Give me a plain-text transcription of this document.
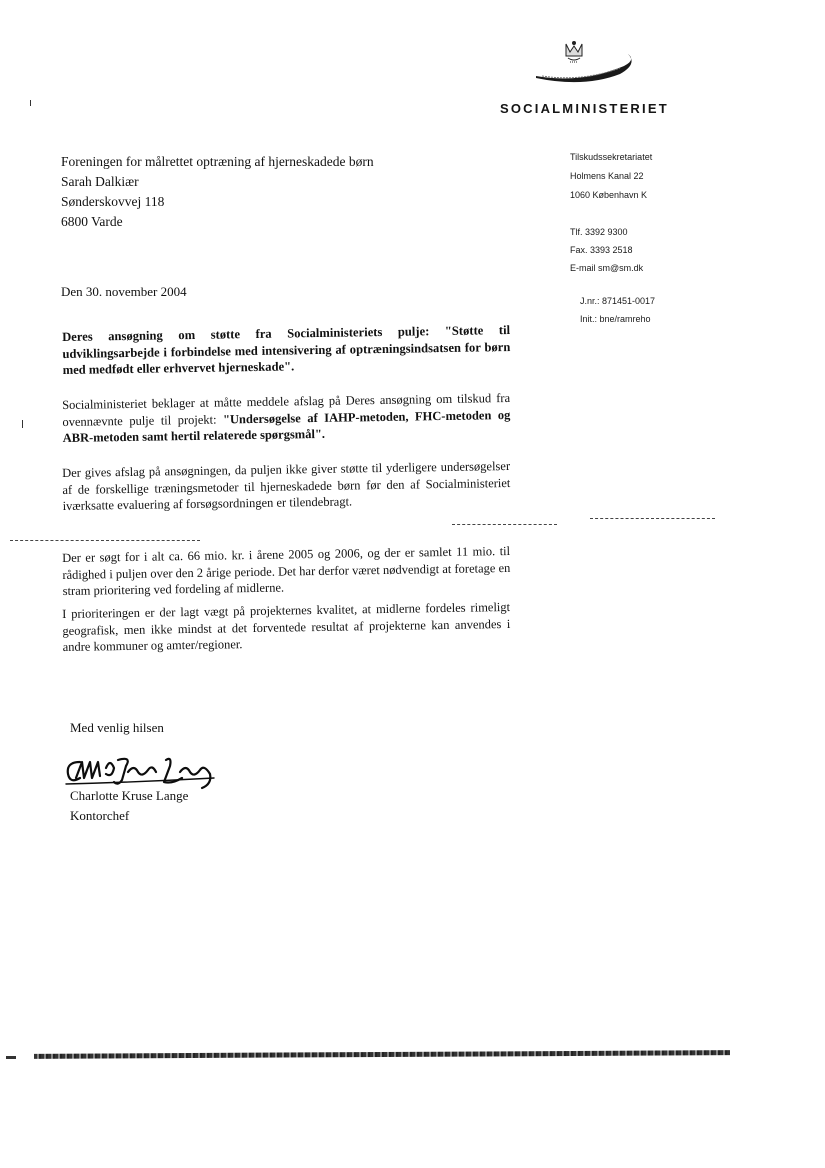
SOCIALMINISTERIET
Foreningen for målrettet optræning af hjerneskadede børn
Sarah Dalkiær
Sønderskovvej 118
6800 Varde
Tilskudssekretariatet
Holmens Kanal 22
1060 København K
Tlf. 3392 9300
Fax. 3393 2518
E-mail sm@sm.dk
J.nr.: 871451-0017
Init.: bne/ramreho
Den 30. november 2004
Deres ansøgning om støtte fra Socialministeriets pulje: "Støtte til udviklingsarbejde i forbindelse med intensivering af optræningsindsatsen for børn med medfødt eller erhvervet hjerneskade".
Socialministeriet beklager at måtte meddele afslag på Deres ansøgning om tilskud fra ovennævnte pulje til projekt: "Undersøgelse af IAHP-metoden, FHC-metoden og ABR-metoden samt hertil relaterede spørgsmål".
Der gives afslag på ansøgningen, da puljen ikke giver støtte til yderligere undersøgelser af de forskellige træningsmetoder til hjerneskadede børn før den af Socialministeriet iværksatte evaluering af forsøgsordningen er tilendebragt.
Der er søgt for i alt ca. 66 mio. kr. i årene 2005 og 2006, og der er samlet 11 mio. til rådighed i puljen over den 2 årige periode. Det har derfor været nødvendigt at foretage en stram prioritering ved fordeling af midlerne.
I prioriteringen er der lagt vægt på projekternes kvalitet, at midlerne fordeles rimeligt geografisk, men ikke mindst at det forventede resultat af projekterne kan anvendes i andre kommuner og amter/regioner.
Med venlig hilsen
Charlotte Kruse Lange
Kontorchef
